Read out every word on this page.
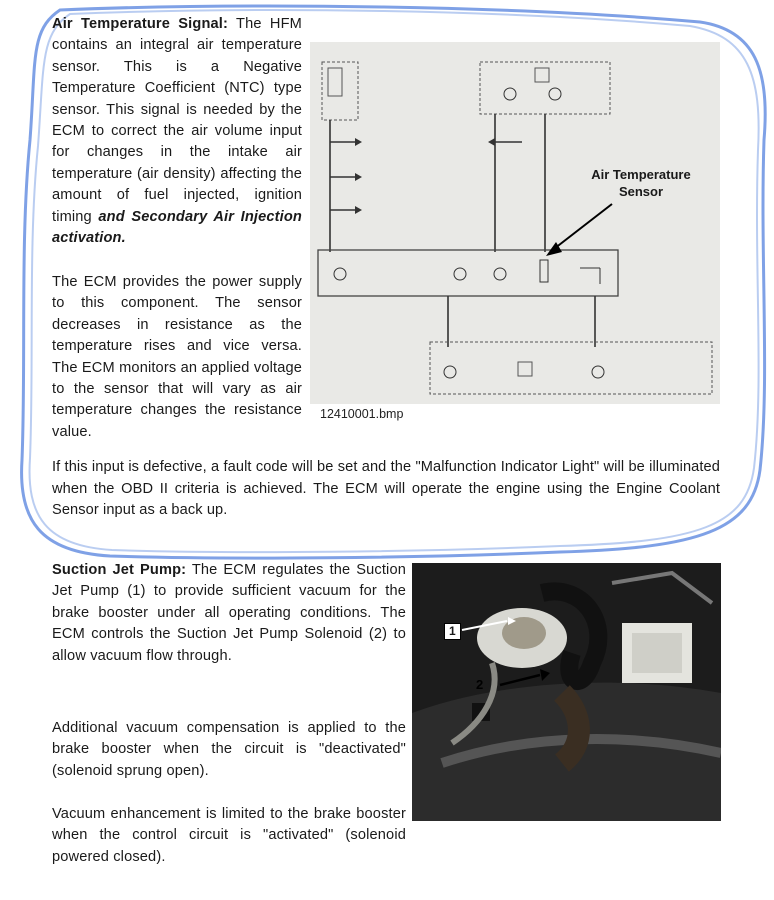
Air Temperature Signal: The HFM contains an integral air temperature sensor. This is a Negative Temperature Coefficient (NTC) type sensor. This signal is needed by the ECM to correct the air volume input for changes in the intake air temperature (air density) affecting the amount of fuel injected, ignition timing and Secondary Air Injection activation.
The ECM provides the power supply to this component. The sensor decreases in resistance as the temperature rises and vice versa. The ECM monitors an applied voltage to the sensor that will vary as air temperature changes the resistance value.
Air Temperature
Sensor
12410001.bmp
If this input is defective, a fault code will be set and the "Malfunction Indicator Light" will be illuminated when the OBD II criteria is achieved. The ECM will operate the engine using the Engine Coolant Sensor input as a back up.
Suction Jet Pump: The ECM regulates the Suction Jet Pump (1) to provide sufficient vacuum for the brake booster under all operating conditions. The ECM controls the Suction Jet Pump Solenoid (2) to allow vacuum flow through.
Additional vacuum compensation is applied to the brake booster when the circuit is "deactivated" (solenoid sprung open).
Vacuum enhancement is limited to the brake booster when the control circuit is "activated" (solenoid powered closed).
1
2
